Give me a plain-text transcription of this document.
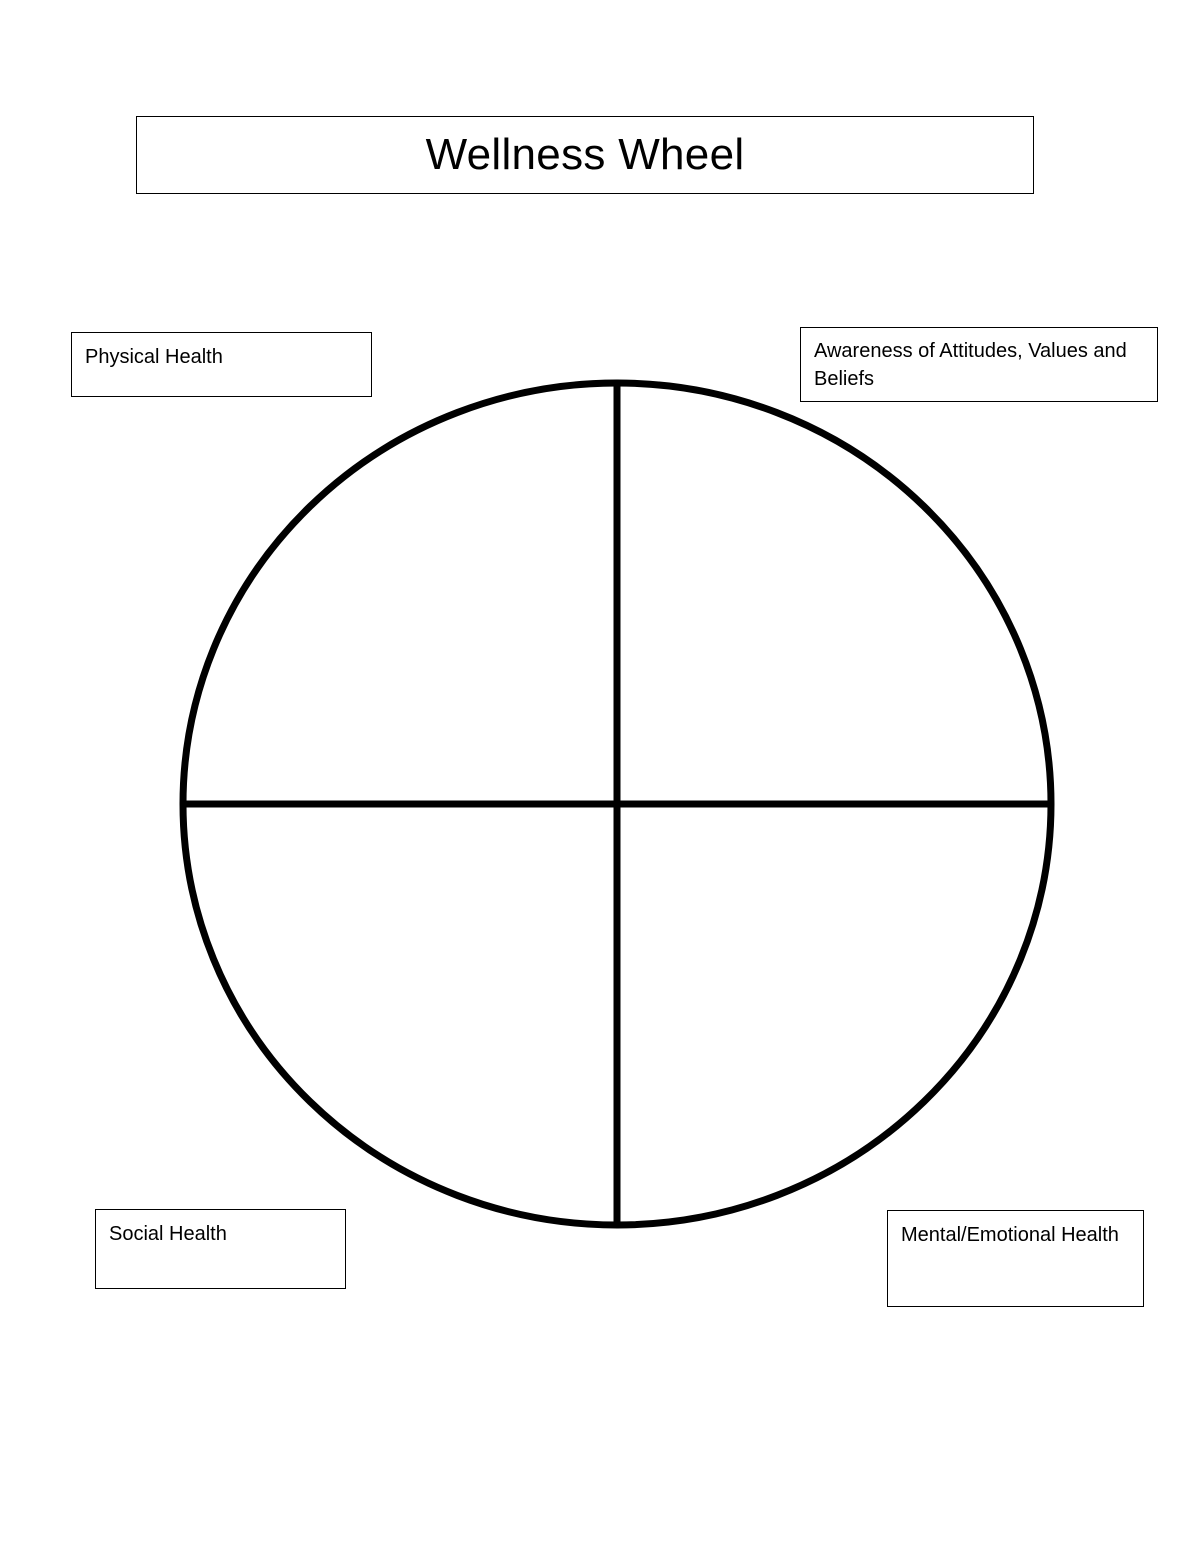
Wellness Wheel
Physical Health	Awareness of Attitudes, Values and Beliefs
Social Health	Mental/Emotional Health
